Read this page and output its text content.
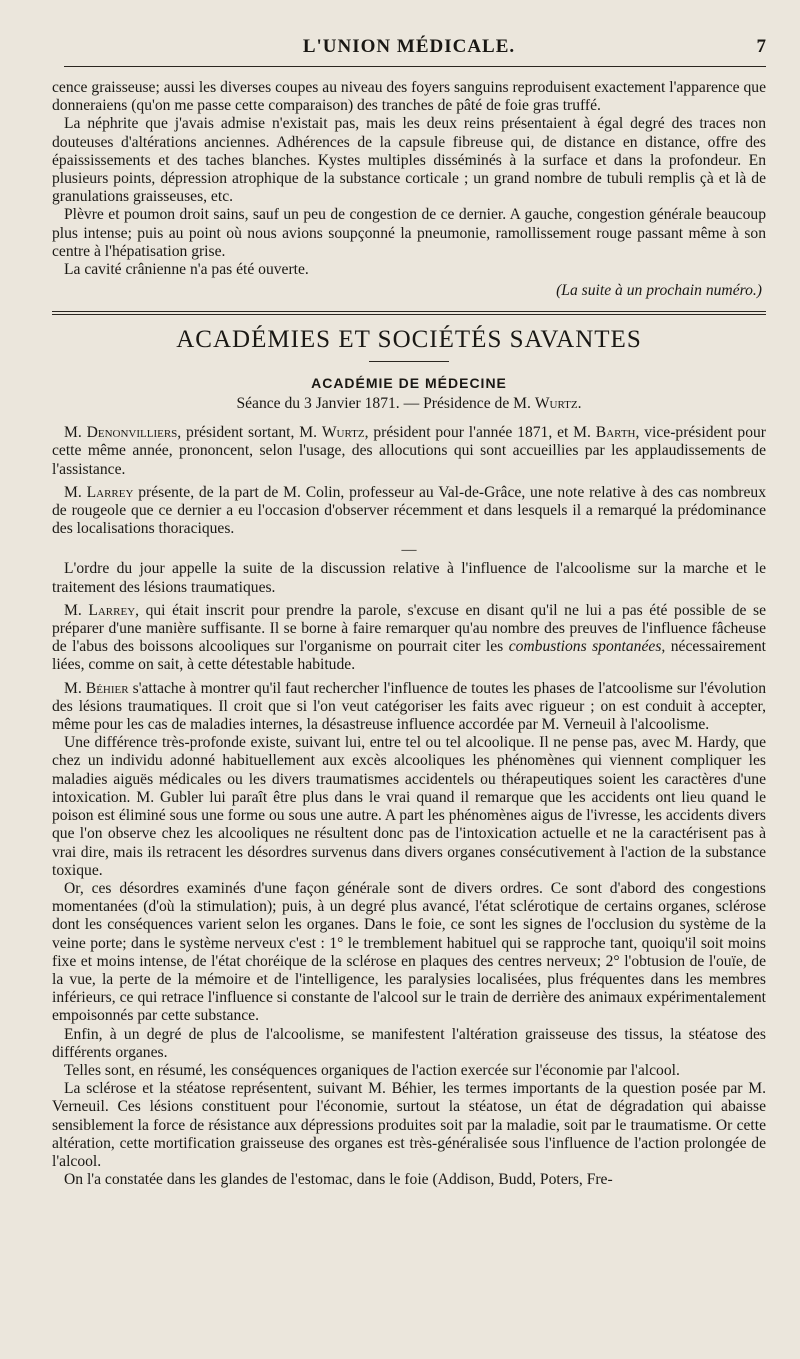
L'UNION MÉDICALE.	7

cence graisseuse; aussi les diverses coupes au niveau des foyers sanguins reproduisent exactement l'apparence que donneraiens (qu'on me passe cette comparaison) des tranches de pâté de foie gras truffé.

La néphrite que j'avais admise n'existait pas, mais les deux reins présentaient à égal degré des traces non douteuses d'altérations anciennes. Adhérences de la capsule fibreuse qui, de distance en distance, offre des épaississements et des taches blanches. Kystes multiples disséminés à la surface et dans la profondeur. En plusieurs points, dépression atrophique de la substance corticale ; un grand nombre de tubuli remplis çà et là de granulations graisseuses, etc.

Plèvre et poumon droit sains, sauf un peu de congestion de ce dernier. A gauche, congestion générale beaucoup plus intense; puis au point où nous avions soupçonné la pneumonie, ramollissement rouge passant même à son centre à l'hépatisation grise.

La cavité crânienne n'a pas été ouverte.

(La suite à un prochain numéro.)
ACADÉMIES ET SOCIÉTÉS SAVANTES
ACADÉMIE DE MÉDECINE
Séance du 3 Janvier 1871. — Présidence de M. Wurtz.

M. Denonvilliers, président sortant, M. Wurtz, président pour l'année 1871, et M. Barth, vice-président pour cette même année, prononcent, selon l'usage, des allocutions qui sont accueillies par les applaudissements de l'assistance.

M. Larrey présente, de la part de M. Colin, professeur au Val-de-Grâce, une note relative à des cas nombreux de rougeole que ce dernier a eu l'occasion d'observer récemment et dans lesquels il a remarqué la prédominance des localisations thoraciques.

—

L'ordre du jour appelle la suite de la discussion relative à l'influence de l'alcoolisme sur la marche et le traitement des lésions traumatiques.

M. Larrey, qui était inscrit pour prendre la parole, s'excuse en disant qu'il ne lui a pas été possible de se préparer d'une manière suffisante. Il se borne à faire remarquer qu'au nombre des preuves de l'influence fâcheuse de l'abus des boissons alcooliques sur l'organisme on pourrait citer les combustions spontanées, nécessairement liées, comme on sait, à cette détestable habitude.

M. Béhier s'attache à montrer qu'il faut rechercher l'influence de toutes les phases de l'atcoolisme sur l'évolution des lésions traumatiques. Il croit que si l'on veut catégoriser les faits avec rigueur ; on est conduit à accepter, même pour les cas de maladies internes, la désastreuse influence accordée par M. Verneuil à l'alcoolisme.

Une différence très-profonde existe, suivant lui, entre tel ou tel alcoolique. Il ne pense pas, avec M. Hardy, que chez un individu adonné habituellement aux excès alcooliques les phénomènes qui viennent compliquer les maladies aiguës médicales ou les divers traumatismes accidentels ou thérapeutiques soient les caractères d'une intoxication. M. Gubler lui paraît être plus dans le vrai quand il remarque que les accidents ont lieu quand le poison est éliminé sous une forme ou sous une autre. A part les phénomènes aigus de l'ivresse, les accidents divers que l'on observe chez les alcooliques ne résultent donc pas de l'intoxication actuelle et ne la caractérisent pas à vrai dire, mais ils retracent les désordres survenus dans divers organes consécutivement à l'action de la substance toxique.

Or, ces désordres examinés d'une façon générale sont de divers ordres. Ce sont d'abord des congestions momentanées (d'où la stimulation); puis, à un degré plus avancé, l'état sclérotique de certains organes, sclérose dont les conséquences varient selon les organes. Dans le foie, ce sont les signes de l'occlusion du système de la veine porte; dans le système nerveux c'est : 1° le tremblement habituel qui se rapproche tant, quoiqu'il soit moins fixe et moins intense, de l'état choréique de la sclérose en plaques des centres nerveux; 2° l'obtusion de l'ouïe, de la vue, la perte de la mémoire et de l'intelligence, les paralysies localisées, plus fréquentes dans les membres inférieurs, ce qui retrace l'influence si constante de l'alcool sur le train de derrière des animaux expérimentalement empoisonnés par cette substance.

Enfin, à un degré de plus de l'alcoolisme, se manifestent l'altération graisseuse des tissus, la stéatose des différents organes.

Telles sont, en résumé, les conséquences organiques de l'action exercée sur l'économie par l'alcool.

La sclérose et la stéatose représentent, suivant M. Béhier, les termes importants de la question posée par M. Verneuil. Ces lésions constituent pour l'économie, surtout la stéatose, un état de dégradation qui abaisse sensiblement la force de résistance aux dépressions produites soit par la maladie, soit par le traumatisme. Or cette altération, cette mortification graisseuse des organes est très-généralisée sous l'influence de l'action prolongée de l'alcool.

On l'a constatée dans les glandes de l'estomac, dans le foie (Addison, Budd, Poters, Fre-
